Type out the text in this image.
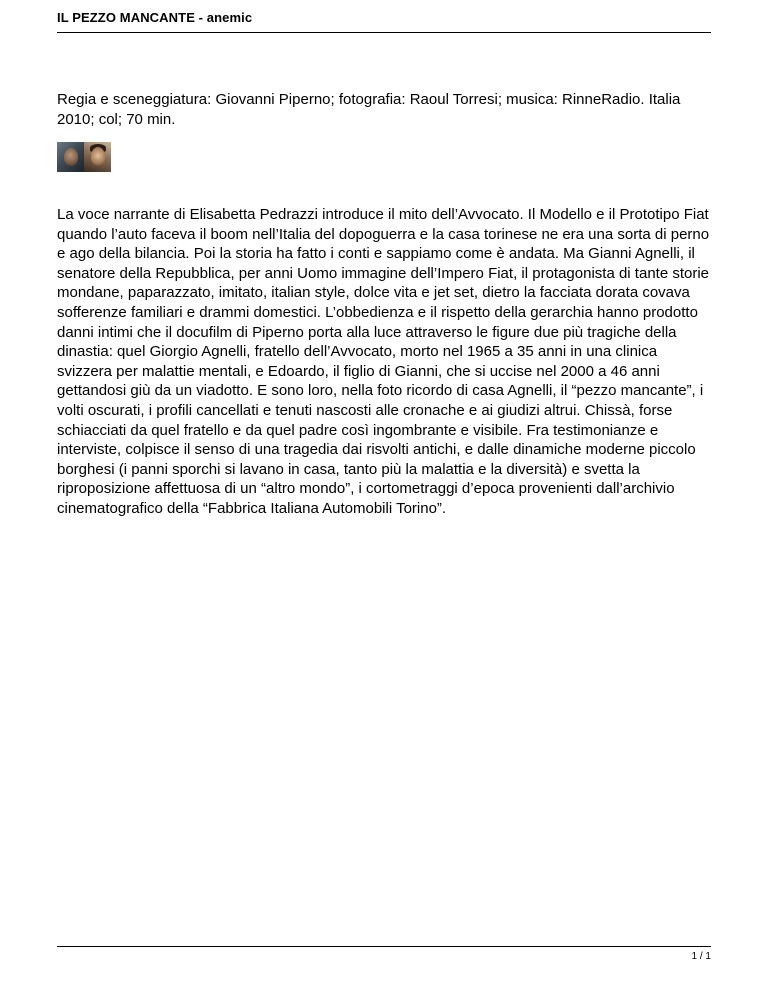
IL PEZZO MANCANTE - anemic
Regia e sceneggiatura: Giovanni Piperno; fotografia: Raoul Torresi; musica: RinneRadio. Italia 2010; col; 70 min.
La voce narrante di Elisabetta Pedrazzi introduce il mito dell’Avvocato. Il Modello e il Prototipo Fiat quando l’auto faceva il boom nell’Italia del dopoguerra e la casa torinese ne era una sorta di perno e ago della bilancia. Poi la storia ha fatto i conti e sappiamo come è andata. Ma Gianni Agnelli, il senatore della Repubblica, per anni Uomo immagine dell’Impero Fiat, il protagonista di tante storie mondane, paparazzato, imitato, italian style, dolce vita e jet set, dietro la facciata dorata covava sofferenze familiari e drammi domestici. L’obbedienza e il rispetto della gerarchia hanno prodotto danni intimi che il docufilm di Piperno porta alla luce attraverso le figure due più tragiche della dinastia: quel Giorgio Agnelli, fratello dell’Avvocato, morto nel 1965 a 35 anni in una clinica svizzera per malattie mentali, e Edoardo, il figlio di Gianni, che si uccise nel 2000 a 46 anni gettandosi giù da un viadotto. E sono loro, nella foto ricordo di casa Agnelli, il “pezzo mancante”, i volti oscurati, i profili cancellati e tenuti nascosti alle cronache e ai giudizi altrui. Chissà, forse schiacciati da quel fratello e da quel padre così ingombrante e visibile. Fra testimonianze e interviste, colpisce il senso di una tragedia dai risvolti antichi, e dalle dinamiche moderne piccolo borghesi (i panni sporchi si lavano in casa, tanto più la malattia e la diversità) e svetta la riproposizione affettuosa di un “altro mondo”, i cortometraggi d’epoca provenienti dall’archivio cinematografico della “Fabbrica Italiana Automobili Torino”.
1 / 1
